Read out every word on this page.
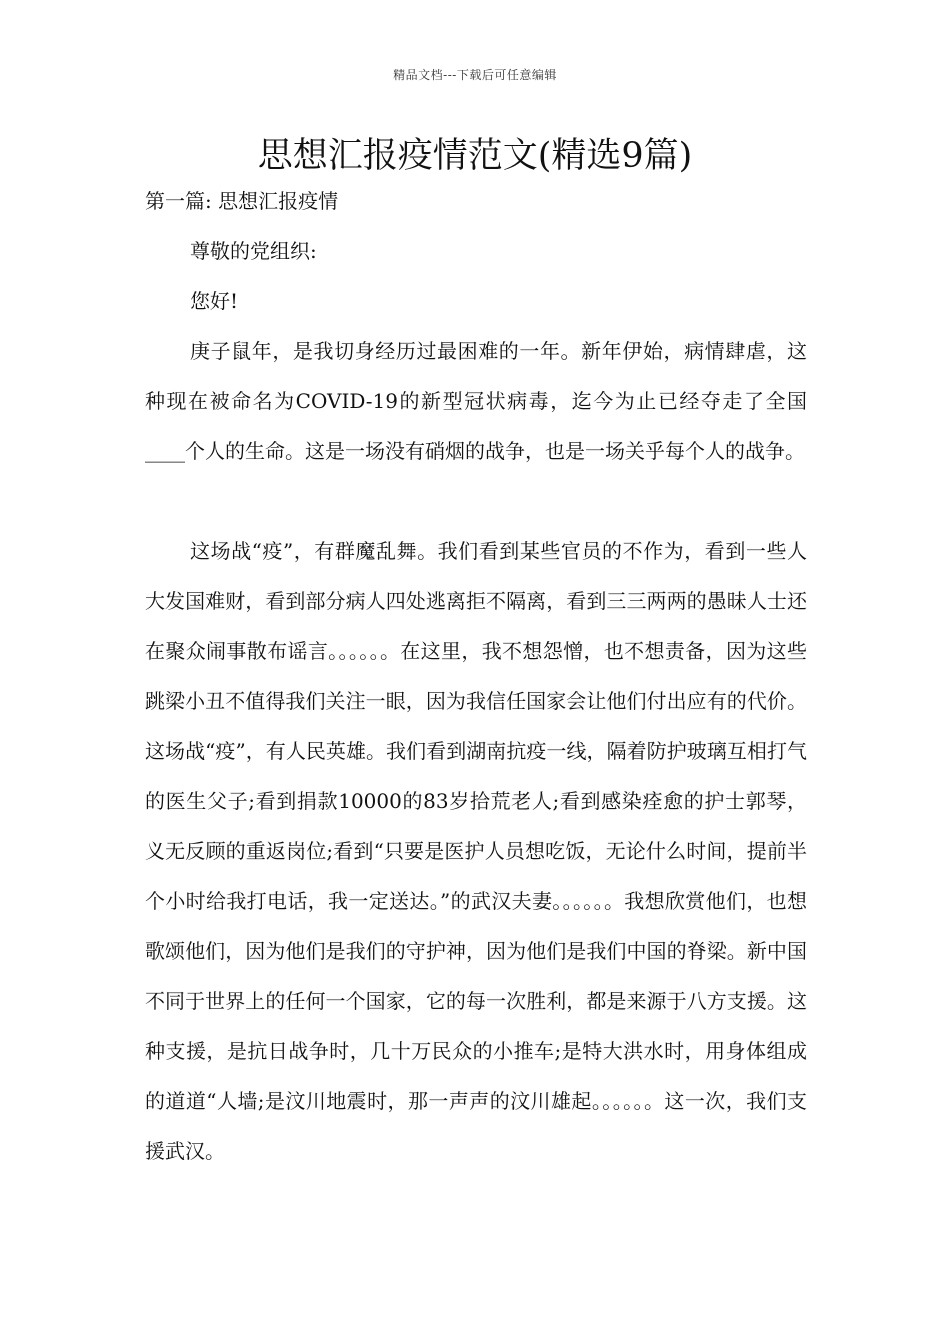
精品文档---下载后可任意编辑
思想汇报疫情范文(精选9篇)

第一篇: 思想汇报疫情

尊敬的党组织:

您好!

庚子鼠年，是我切身经历过最困难的一年。新年伊始，病情肆虐，这种现在被命名为COVID-19的新型冠状病毒，迄今为止已经夺走了全国____个人的生命。这是一场没有硝烟的战争，也是一场关乎每个人的战争。

这场战“疫”，有群魔乱舞。我们看到某些官员的不作为，看到一些人大发国难财，看到部分病人四处逃离拒不隔离，看到三三两两的愚昧人士还在聚众闹事散布谣言。。。。。。在这里，我不想怨憎，也不想责备，因为这些跳梁小丑不值得我们关注一眼，因为我信任国家会让他们付出应有的代价。这场战“疫”，有人民英雄。我们看到湖南抗疫一线，隔着防护玻璃互相打气的医生父子;看到捐款10000的83岁拾荒老人;看到感染痊愈的护士郭琴，义无反顾的重返岗位;看到“只要是医护人员想吃饭，无论什么时间，提前半个小时给我打电话，我一定送达。”的武汉夫妻。。。。。。我想欣赏他们，也想歌颂他们，因为他们是我们的守护神，因为他们是我们中国的脊梁。新中国不同于世界上的任何一个国家，它的每一次胜利，都是来源于八方支援。这种支援，是抗日战争时，几十万民众的小推车;是特大洪水时，用身体组成的道道“人墙;是汶川地震时，那一声声的汶川雄起。。。。。。这一次，我们支援武汉。
